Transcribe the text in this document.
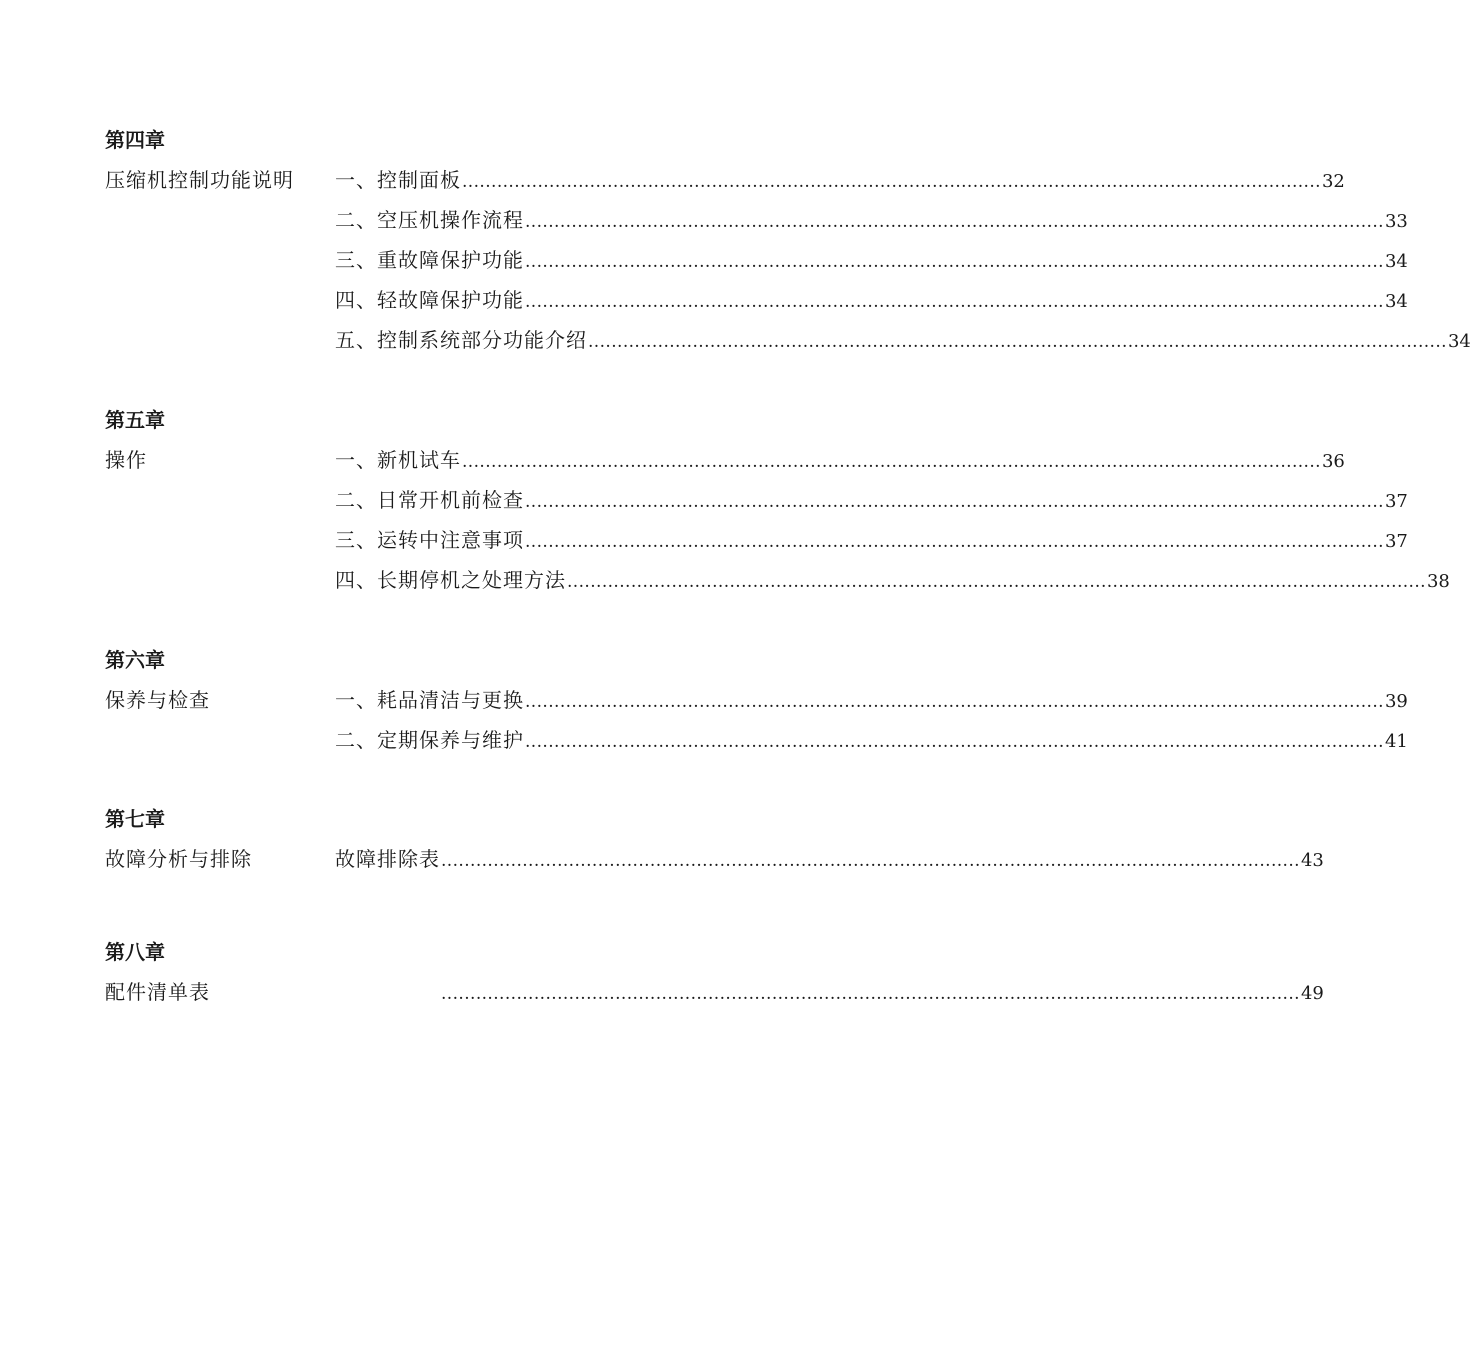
第四章
压缩机控制功能说明 一、控制面板 .................................................................................................................................................... 32
二、空压机操作流程 .................................................................................................................................................... 33
三、重故障保护功能 .................................................................................................................................................... 34
四、轻故障保护功能 .................................................................................................................................................... 34
五、控制系统部分功能介绍 .................................................................................................................................................... 34
第五章
操作	一、新机试车 .................................................................................................................................................... 36
二、日常开机前检查 .................................................................................................................................................... 37
三、运转中注意事项 .................................................................................................................................................... 37
四、长期停机之处理方法 .................................................................................................................................................... 38
第六章
保养与检查	一、耗品清洁与更换 .................................................................................................................................................... 39
二、定期保养与维护 .................................................................................................................................................... 41
第七章
故障分析与排除	故障排除表 .................................................................................................................................................... 43
第八章
配件清单表	.................................................................................................................................................... 49
